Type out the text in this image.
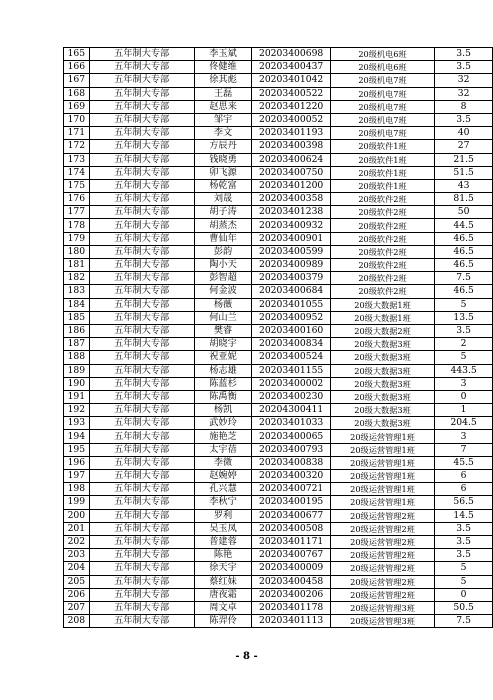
165	五年制大专部	李玉斌	20203400698	20级机电6班	3.5
166	五年制大专部	佟健维	20203400437	20级机电6班	3.5
167	五年制大专部	徐其彪	20203401042	20级机电7班	32
168	五年制大专部	王磊	20203400522	20级机电7班	32
169	五年制大专部	赵思来	20203401220	20级机电7班	8
170	五年制大专部	邹宇	20203400052	20级机电7班	3.5
171	五年制大专部	李文	20203401193	20级机电7班	40
172	五年制大专部	方辰丹	20203400398	20级软件1班	27
173	五年制大专部	钱晓勇	20203400624	20级软件1班	21.5
174	五年制大专部	卯飞源	20203400750	20级软件1班	51.5
175	五年制大专部	杨乾富	20203401200	20级软件1班	43
176	五年制大专部	刘晟	20203400358	20级软件2班	81.5
177	五年制大专部	胡子涛	20203401238	20级软件2班	50
178	五年制大专部	胡蒸杰	20203400932	20级软件2班	44.5
179	五年制大专部	曹仙年	20203400901	20级软件2班	46.5
180	五年制大专部	彭韵	20203400599	20级软件2班	46.5
181	五年制大专部	陶小天	20203400989	20级软件2班	46.5
182	五年制大专部	彭智超	20203400379	20级软件2班	7.5
183	五年制大专部	何金波	20203400684	20级软件2班	46.5
184	五年制大专部	杨薇	20203401055	20级大数据1班	5
185	五年制大专部	何山兰	20203400952	20级大数据1班	13.5
186	五年制大专部	樊睿	20203400160	20级大数据2班	3.5
187	五年制大专部	胡晓宇	20203400834	20级大数据3班	2
188	五年制大专部	祝亚妮	20203400524	20级大数据3班	5
189	五年制大专部	杨志雄	20203401155	20级大数据3班	443.5
190	五年制大专部	陈蓝杉	20203400002	20级大数据3班	3
191	五年制大专部	陈禹衡	20203400230	20级大数据3班	0
192	五年制大专部	杨凯	20204300411	20级大数据3班	1
193	五年制大专部	武妙玲	20203401033	20级大数据3班	204.5
194	五年制大专部	施艳芝	20203400065	20级运营管理1班	3
195	五年制大专部	太宇蓓	20203400793	20级运营管理1班	7
196	五年制大专部	李微	20203400838	20级运营管理1班	45.5
197	五年制大专部	赵婉婷	20203400320	20级运营管理1班	6
198	五年制大专部	孔兴慧	20203400721	20级运营管理1班	6
199	五年制大专部	李秋宁	20203400195	20级运营管理1班	56.5
200	五年制大专部	罗利	20203400677	20级运营管理2班	14.5
201	五年制大专部	吴玉凤	20203400508	20级运营管理2班	3.5
202	五年制大专部	普建蓉	20203401171	20级运营管理2班	3.5
203	五年制大专部	陈艳	20203400767	20级运营管理2班	3.5
204	五年制大专部	徐天宇	20203400009	20级运营管理2班	5
205	五年制大专部	蔡红妹	20203400458	20级运营管理2班	5
206	五年制大专部	唐夜霜	20203400206	20级运营管理2班	0
207	五年制大专部	周文卓	20203401178	20级运营管理3班	50.5
208	五年制大专部	陈羿伶	20203401113	20级运营管理3班	7.5
- 8 -
